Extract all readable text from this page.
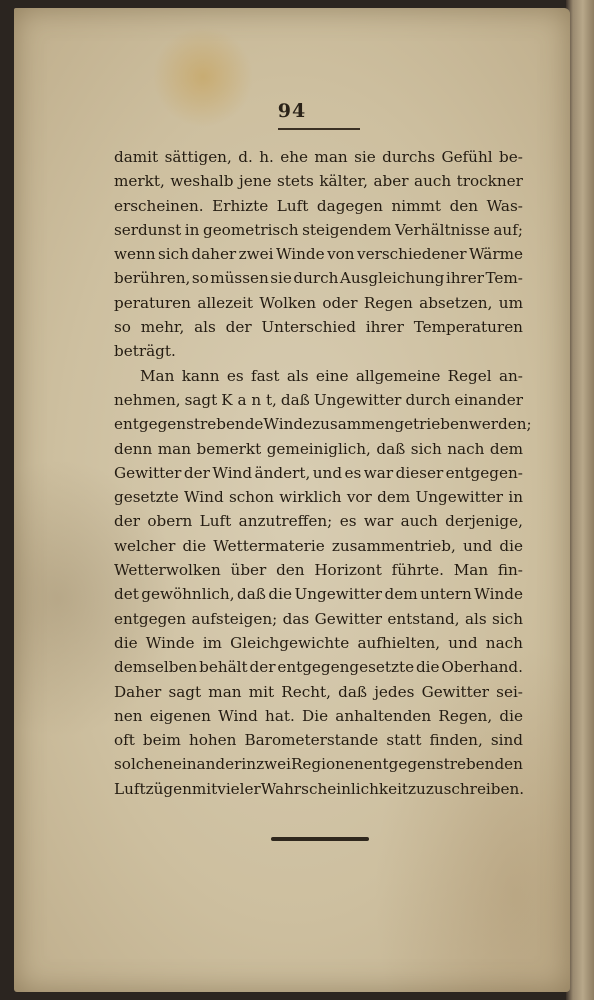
94
damit sättigen, d. h. ehe man sie durchs Gefühl be-
merkt, weshalb jene stets kälter, aber auch trockner
erscheinen. Erhizte Luft dagegen nimmt den Was-
serdunst in geometrisch steigendem Verhältnisse auf;
wenn sich daher zwei Winde von verschiedener Wärme
berühren, so müssen sie durch Ausgleichung ihrer Tem-
peraturen allezeit Wolken oder Regen absetzen, um
so mehr, als der Unterschied ihrer Temperaturen
beträgt.
Man kann es fast als eine allgemeine Regel an-
nehmen, sagt K a n t, daß Ungewitter durch einander
entgegenstrebende Winde zusammen getrieben werden;
denn man bemerkt gemeiniglich, daß sich nach dem
Gewitter der Wind ändert, und es war dieser entgegen-
gesetzte Wind schon wirklich vor dem Ungewitter in
der obern Luft anzutreffen; es war auch derjenige,
welcher die Wettermaterie zusammentrieb, und die
Wetterwolken über den Horizont führte. Man fin-
det gewöhnlich, daß die Ungewitter dem untern Winde
entgegen aufsteigen; das Gewitter entstand, als sich
die Winde im Gleichgewichte aufhielten, und nach
demselben behält der entgegengesetzte die Oberhand.
Daher sagt man mit Recht, daß jedes Gewitter sei-
nen eigenen Wind hat. Die anhaltenden Regen, die
oft beim hohen Barometerstande statt finden, sind
solchen einander in zwei Regionen entgegenstrebenden
Luftzügen mit vieler Wahrscheinlichkeit zuzuschreiben.
